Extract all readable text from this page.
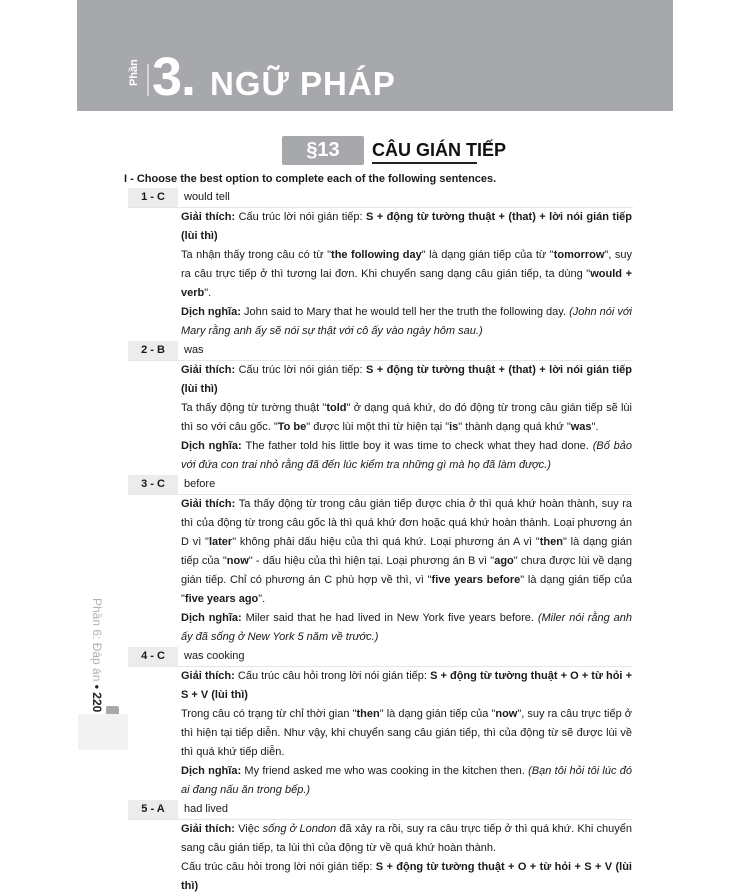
Phần 3. NGỮ PHÁP
§13	CÂU GIÁN TIẾP
I - Choose the best option to complete each of the following sentences.
1 - C	would tell
Giải thích: Cấu trúc lời nói gián tiếp: S + động từ tường thuật + (that) + lời nói gián tiếp (lùi thì)
Ta nhận thấy trong câu có từ "the following day" là dạng gián tiếp của từ "tomorrow", suy ra câu trực tiếp ở thì tương lai đơn. Khi chuyển sang dạng câu gián tiếp, ta dùng "would + verb".
Dịch nghĩa: John said to Mary that he would tell her the truth the following day. (John nói với Mary rằng anh ấy sẽ nói sự thật với cô ấy vào ngày hôm sau.)
2 - B	was
Giải thích: Cấu trúc lời nói gián tiếp: S + động từ tường thuật + (that) + lời nói gián tiếp (lùi thì)
Ta thấy động từ tường thuật "told" ở dạng quá khứ, do đó động từ trong câu gián tiếp sẽ lùi thì so với câu gốc. "To be" được lùi một thì từ hiện tại "is" thành dạng quá khứ "was".
Dịch nghĩa: The father told his little boy it was time to check what they had done. (Bố bảo với đứa con trai nhỏ rằng đã đến lúc kiểm tra những gì mà họ đã làm được.)
3 - C	before
Giải thích: Ta thấy động từ trong câu gián tiếp được chia ở thì quá khứ hoàn thành, suy ra thì của động từ trong câu gốc là thì quá khứ đơn hoặc quá khứ hoàn thành. Loại phương án D vì "later" không phải dấu hiệu của thì quá khứ. Loại phương án A vì "then" là dạng gián tiếp của "now" - dấu hiệu của thì hiện tại. Loại phương án B vì "ago" chưa được lùi về dạng gián tiếp. Chỉ có phương án C phù hợp về thì, vì "five years before" là dạng gián tiếp của "five years ago".
Dịch nghĩa: Miler said that he had lived in New York five years before. (Miler nói rằng anh ấy đã sống ở New York 5 năm về trước.)
4 - C	was cooking
Giải thích: Cấu trúc câu hỏi trong lời nói gián tiếp: S + động từ tường thuật + O + từ hỏi + S + V (lùi thì)
Trong câu có trạng từ chỉ thời gian "then" là dạng gián tiếp của "now", suy ra câu trực tiếp ở thì hiện tại tiếp diễn. Như vậy, khi chuyển sang câu gián tiếp, thì của động từ sẽ được lùi về thì quá khứ tiếp diễn.
Dịch nghĩa: My friend asked me who was cooking in the kitchen then. (Bạn tôi hỏi tôi lúc đó ai đang nấu ăn trong bếp.)
5 - A	had lived
Giải thích: Việc sống ở London đã xảy ra rồi, suy ra câu trực tiếp ở thì quá khứ. Khi chuyển sang câu gián tiếp, ta lùi thì của động từ về quá khứ hoàn thành.
Cấu trúc câu hỏi trong lời nói gián tiếp: S + động từ tường thuật + O + từ hỏi + S + V (lùi thì)
Phần 6: Đáp án • 220
